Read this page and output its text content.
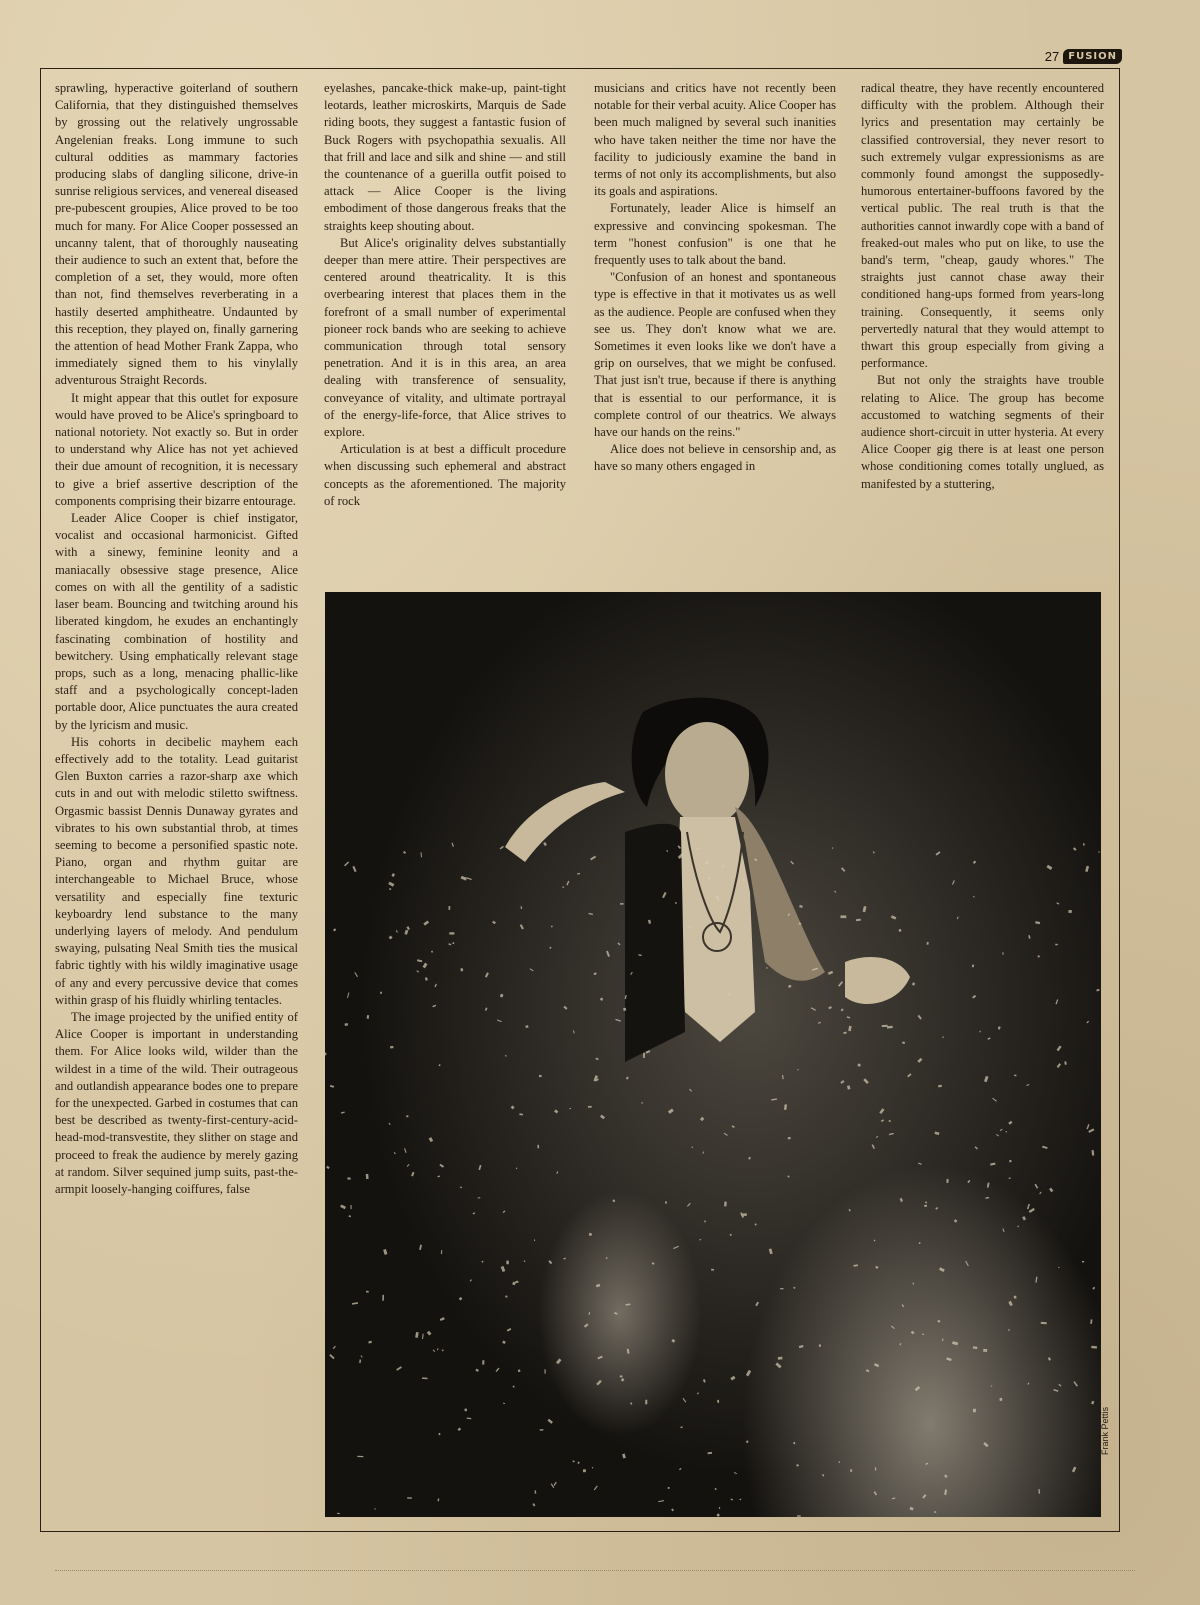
27 FUSION

sprawling, hyperactive goiterland of southern California, that they distinguished themselves by grossing out the relatively ungrossable Angelenian freaks. Long immune to such cultural oddities as mammary factories producing slabs of dangling silicone, drive-in sunrise religious services, and venereal diseased pre-pubescent groupies, Alice proved to be too much for many. For Alice Cooper possessed an uncanny talent, that of thoroughly nauseating their audience to such an extent that, before the completion of a set, they would, more often than not, find themselves reverberating in a hastily deserted amphitheatre. Undaunted by this reception, they played on, finally garnering the attention of head Mother Frank Zappa, who immediately signed them to his vinylally adventurous Straight Records.

It might appear that this outlet for exposure would have proved to be Alice's springboard to national notoriety. Not exactly so. But in order to understand why Alice has not yet achieved their due amount of recognition, it is necessary to give a brief assertive description of the components comprising their bizarre entourage.

Leader Alice Cooper is chief instigator, vocalist and occasional harmonicist. Gifted with a sinewy, feminine leonity and a maniacally obsessive stage presence, Alice comes on with all the gentility of a sadistic laser beam. Bouncing and twitching around his liberated kingdom, he exudes an enchantingly fascinating combination of hostility and bewitchery. Using emphatically relevant stage props, such as a long, menacing phallic-like staff and a psychologically concept-laden portable door, Alice punctuates the aura created by the lyricism and music.

His cohorts in decibelic mayhem each effectively add to the totality. Lead guitarist Glen Buxton carries a razor-sharp axe which cuts in and out with melodic stiletto swiftness. Orgasmic bassist Dennis Dunaway gyrates and vibrates to his own substantial throb, at times seeming to become a personified spastic note. Piano, organ and rhythm guitar are interchangeable to Michael Bruce, whose versatility and especially fine texturic keyboardry lend substance to the many underlying layers of melody. And pendulum swaying, pulsating Neal Smith ties the musical fabric tightly with his wildly imaginative usage of any and every percussive device that comes within grasp of his fluidly whirling tentacles.

The image projected by the unified entity of Alice Cooper is important in understanding them. For Alice looks wild, wilder than the wildest in a time of the wild. Their outrageous and outlandish appearance bodes one to prepare for the unexpected. Garbed in costumes that can best be described as twenty-first-century-acid-head-mod-transvestite, they slither on stage and proceed to freak the audience by merely gazing at random. Silver sequined jump suits, past-the-armpit loosely-hanging coiffures, false

eyelashes, pancake-thick make-up, paint-tight leotards, leather microskirts, Marquis de Sade riding boots, they suggest a fantastic fusion of Buck Rogers with psychopathia sexualis. All that frill and lace and silk and shine — and still the countenance of a guerilla outfit poised to attack — Alice Cooper is the living embodiment of those dangerous freaks that the straights keep shouting about.

But Alice's originality delves substantially deeper than mere attire. Their perspectives are centered around theatricality. It is this overbearing interest that places them in the forefront of a small number of experimental pioneer rock bands who are seeking to achieve communication through total sensory penetration. And it is in this area, an area dealing with transference of sensuality, conveyance of vitality, and ultimate portrayal of the energy-life-force, that Alice strives to explore.

Articulation is at best a difficult procedure when discussing such ephemeral and abstract concepts as the aforementioned. The majority of rock

musicians and critics have not recently been notable for their verbal acuity. Alice Cooper has been much maligned by several such inanities who have taken neither the time nor have the facility to judiciously examine the band in terms of not only its accomplishments, but also its goals and aspirations.

Fortunately, leader Alice is himself an expressive and convincing spokesman. The term "honest confusion" is one that he frequently uses to talk about the band.

"Confusion of an honest and spontaneous type is effective in that it motivates us as well as the audience. People are confused when they see us. They don't know what we are. Sometimes it even looks like we don't have a grip on ourselves, that we might be confused. That just isn't true, because if there is anything that is essential to our performance, it is complete control of our theatrics. We always have our hands on the reins."

Alice does not believe in censorship and, as have so many others engaged in

radical theatre, they have recently encountered difficulty with the problem. Although their lyrics and presentation may certainly be classified controversial, they never resort to such extremely vulgar expressionisms as are commonly found amongst the supposedly-humorous entertainer-buffoons favored by the vertical public. The real truth is that the authorities cannot inwardly cope with a band of freaked-out males who put on like, to use the band's term, "cheap, gaudy whores." The straights just cannot chase away their conditioned hang-ups formed from years-long training. Consequently, it seems only pervertedly natural that they would attempt to thwart this group especially from giving a performance.

But not only the straights have trouble relating to Alice. The group has become accustomed to watching segments of their audience short-circuit in utter hysteria. At every Alice Cooper gig there is at least one person whose conditioning comes totally unglued, as manifested by a stuttering,

Frank Pettis
